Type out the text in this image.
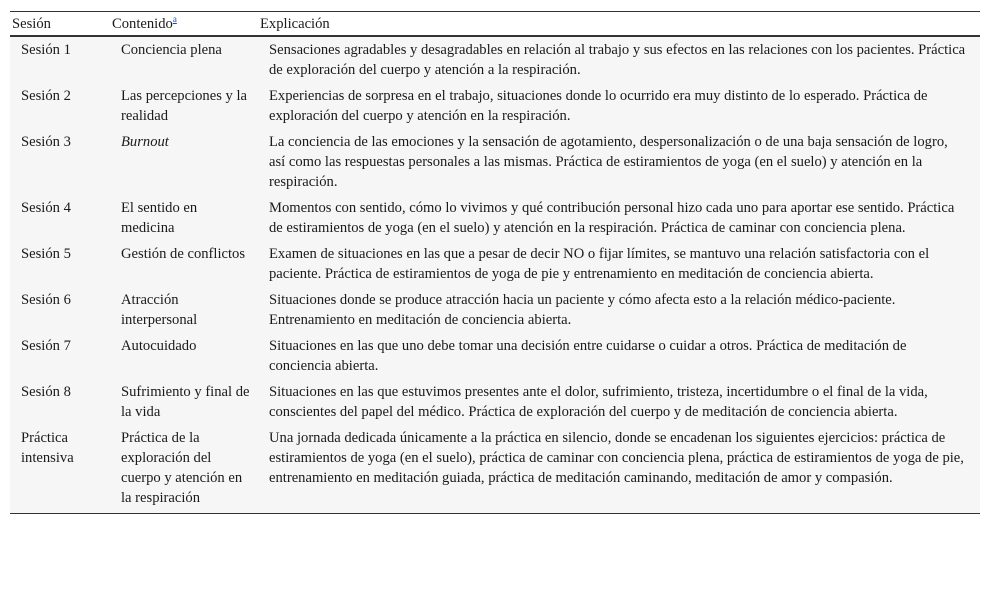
Sesión	Contenido$^a$	Explicación
Sesión 1	Conciencia plena	Sensaciones agradables y desagradables en relación al trabajo y sus efectos en las relaciones con los pacientes. Práctica de exploración del cuerpo y atención a la respiración.
Sesión 2	Las percepciones y la realidad	Experiencias de sorpresa en el trabajo, situaciones donde lo ocurrido era muy distinto de lo esperado. Práctica de exploración del cuerpo y atención en la respiración.
Sesión 3	Burnout	La conciencia de las emociones y la sensación de agotamiento, despersonalización o de una baja sensación de logro, así como las respuestas personales a las mismas. Práctica de estiramientos de yoga (en el suelo) y atención en la respiración.
Sesión 4	El sentido en medicina	Momentos con sentido, cómo lo vivimos y qué contribución personal hizo cada uno para aportar ese sentido. Práctica de estiramientos de yoga (en el suelo) y atención en la respiración. Práctica de caminar con conciencia plena.
Sesión 5	Gestión de conflictos	Examen de situaciones en las que a pesar de decir NO o fijar límites, se mantuvo una relación satisfactoria con el paciente. Práctica de estiramientos de yoga de pie y entrenamiento en meditación de conciencia abierta.
Sesión 6	Atracción interpersonal	Situaciones donde se produce atracción hacia un paciente y cómo afecta esto a la relación médico-paciente. Entrenamiento en meditación de conciencia abierta.
Sesión 7	Autocuidado	Situaciones en las que uno debe tomar una decisión entre cuidarse o cuidar a otros. Práctica de meditación de conciencia abierta.
Sesión 8	Sufrimiento y final de la vida	Situaciones en las que estuvimos presentes ante el dolor, sufrimiento, tristeza, incertidumbre o el final de la vida, conscientes del papel del médico. Práctica de exploración del cuerpo y de meditación de conciencia abierta.
Práctica intensiva	Práctica de la exploración del cuerpo y atención en la respiración	Una jornada dedicada únicamente a la práctica en silencio, donde se encadenan los siguientes ejercicios: práctica de estiramientos de yoga (en el suelo), práctica de caminar con conciencia plena, práctica de estiramientos de yoga de pie, entrenamiento en meditación guiada, práctica de meditación caminando, meditación de amor y compasión.
